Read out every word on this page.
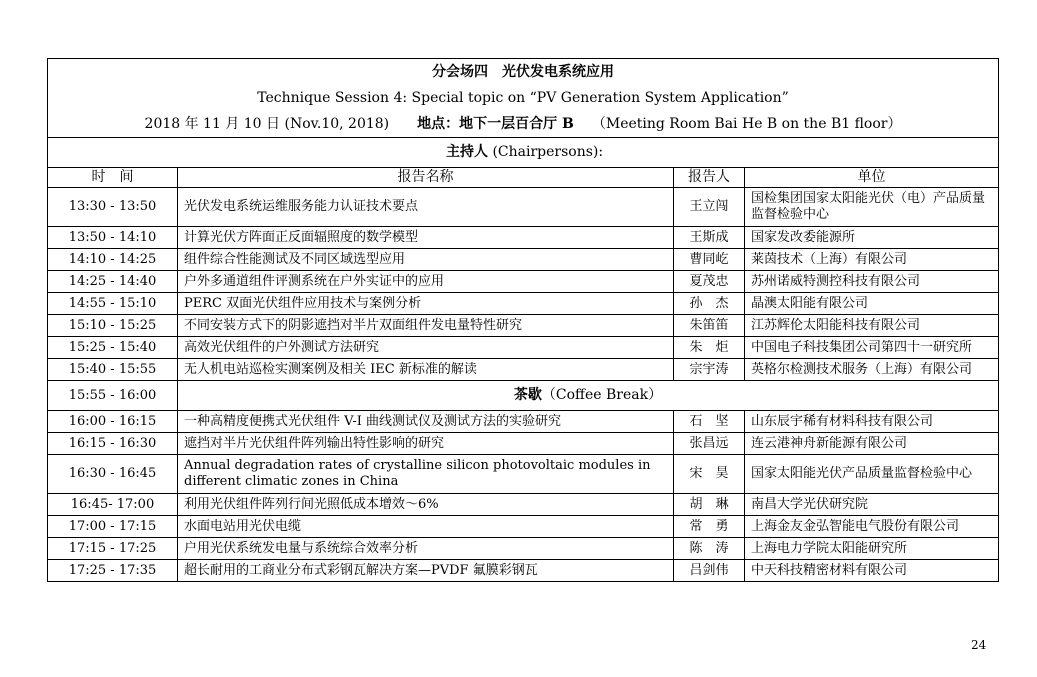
分会场四　光伏发电系统应用
Technique Session 4: Special topic on “PV Generation System Application”
2018 年 11 月 10 日 (Nov.10, 2018) 地点：地下一层百合厅 B （Meeting Room Bai He B on the B1 floor）			

主持人 (Chairpersons):			
时　间	报告名称	报告人	单位
13:30 - 13:50	光伏发电系统运维服务能力认证技术要点	王立闯	国检集团国家太阳能光伏（电）产品质量监督检验中心
13:50 - 14:10	计算光伏方阵面正反面辐照度的数学模型	王斯成	国家发改委能源所
14:10 - 14:25	组件综合性能测试及不同区域选型应用	曹同屹	莱茵技术（上海）有限公司
14:25 - 14:40	户外多通道组件评测系统在户外实证中的应用	夏茂忠	苏州诺威特测控科技有限公司
14:55 - 15:10	PERC 双面光伏组件应用技术与案例分析	孙　杰	晶澳太阳能有限公司
15:10 - 15:25	不同安装方式下的阴影遮挡对半片双面组件发电量特性研究	朱笛笛	江苏辉伦太阳能科技有限公司
15:25 - 15:40	高效光伏组件的户外测试方法研究	朱　炬	中国电子科技集团公司第四十一研究所
15:40 - 15:55	无人机电站巡检实测案例及相关 IEC 新标准的解读	宗宇涛	英格尔检测技术服务（上海）有限公司
15:55 - 16:00	茶歇（Coffee Break）		
16:00 - 16:15	一种高精度便携式光伏组件 V-I 曲线测试仪及测试方法的实验研究	石　坚	山东辰宇稀有材料科技有限公司
16:15 - 16:30	遮挡对半片光伏组件阵列输出特性影响的研究	张昌远	连云港神舟新能源有限公司
16:30 - 16:45	Annual degradation rates of crystalline silicon photovoltaic modules in different climatic zones in China	宋　昊	国家太阳能光伏产品质量监督检验中心
16:45- 17:00	利用光伏组件阵列行间光照低成本增效～6%	胡　琳	南昌大学光伏研究院
17:00 - 17:15	水面电站用光伏电缆	常　勇	上海金友金弘智能电气股份有限公司
17:15 - 17:25	户用光伏系统发电量与系统综合效率分析	陈　涛	上海电力学院太阳能研究所
17:25 - 17:35	超长耐用的工商业分布式彩钢瓦解决方案—PVDF 氟膜彩钢瓦	吕剑伟	中天科技精密材料有限公司
24
